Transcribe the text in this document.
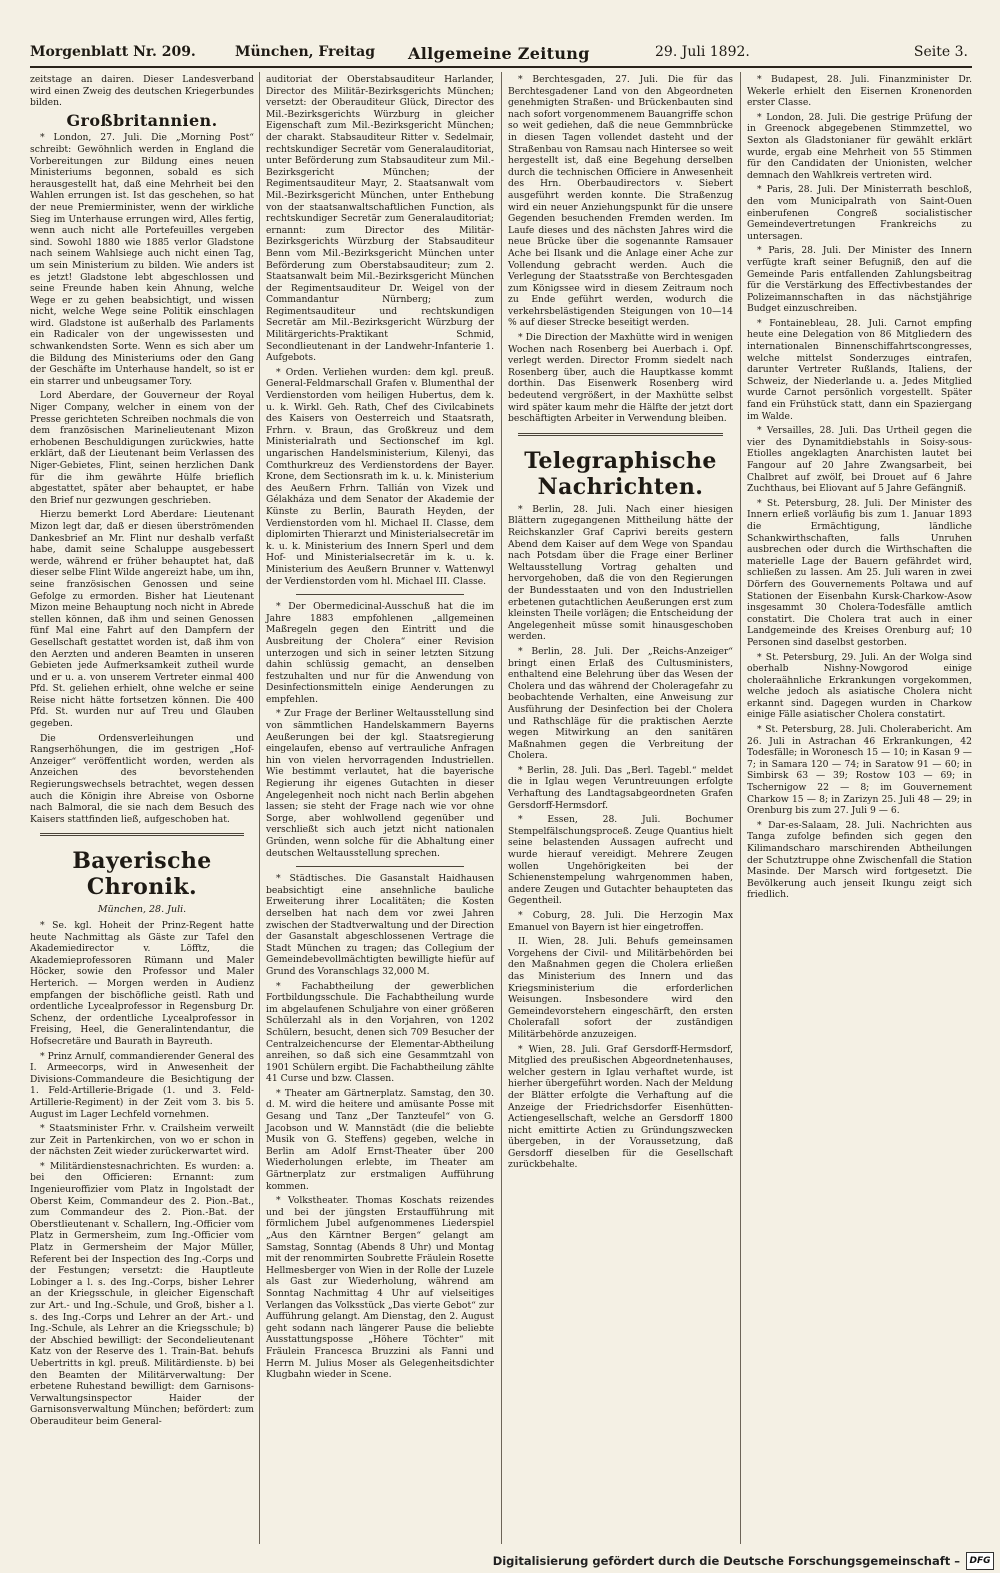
Morgenblatt Nr. 209.	München, Freitag Allgemeine Zeitung	29. Juli 1892.	Seite 3.

zeitstage an dairen. Dieser Landesverband wird einen Zweig des deutschen Kriegerbundes bilden.

Großbritannien.

* London, 27. Juli. Die „Morning Post“ schreibt: Gewöhnlich werden in England die Vorbereitungen zur Bildung eines neuen Ministeriums begonnen, sobald es sich herausgestellt hat, daß eine Mehrheit bei den Wahlen errungen ist. Ist das geschehen, so hat der neue Premierminister, wenn der wirkliche Sieg im Unterhause errungen wird, Alles fertig, wenn auch nicht alle Portefeuilles vergeben sind. Sowohl 1880 wie 1885 verlor Gladstone nach seinem Wahlsiege auch nicht einen Tag, um sein Ministerium zu bilden. Wie anders ist es jetzt! Gladstone lebt abgeschlossen und seine Freunde haben kein Ahnung, welche Wege er zu gehen beabsichtigt, und wissen nicht, welche Wege seine Politik einschlagen wird. Gladstone ist außerhalb des Parlaments ein Radicaler von der ungewissesten und schwankendsten Sorte. Wenn es sich aber um die Bildung des Ministeriums oder den Gang der Geschäfte im Unterhause handelt, so ist er ein starrer und unbeugsamer Tory.

Lord Aberdare, der Gouverneur der Royal Niger Company, welcher in einem von der Presse gerichteten Schreiben nochmals die von dem französischen Marinelieutenant Mizon erhobenen Beschuldigungen zurückwies, hatte erklärt, daß der Lieutenant beim Verlassen des Niger-Gebietes, Flint, seinen herzlichen Dank für die ihm gewährte Hülfe brieflich abgestattet, später aber behauptet, er habe den Brief nur gezwungen geschrieben.

Hierzu bemerkt Lord Aberdare: Lieutenant Mizon legt dar, daß er diesen überströmenden Dankesbrief an Mr. Flint nur deshalb verfaßt habe, damit seine Schaluppe ausgebessert werde, während er früher behauptet hat, daß dieser selbe Flint Wilde angereizt habe, um ihn, seine französischen Genossen und seine Gefolge zu ermorden. Bisher hat Lieutenant Mizon meine Behauptung noch nicht in Abrede stellen können, daß ihm und seinen Genossen fünf Mal eine Fahrt auf den Dampfern der Gesellschaft gestattet worden ist, daß ihm von den Aerzten und anderen Beamten in unseren Gebieten jede Aufmerksamkeit zutheil wurde und er u. a. von unserem Vertreter einmal 400 Pfd. St. geliehen erhielt, ohne welche er seine Reise nicht hätte fortsetzen können. Die 400 Pfd. St. wurden nur auf Treu und Glauben gegeben.

Die Ordensverleihungen und Rangserhöhungen, die im gestrigen „Hof-Anzeiger“ veröffentlicht worden, werden als Anzeichen des bevorstehenden Regierungswechsels betrachtet, wegen dessen auch die Königin ihre Abreise von Osborne nach Balmoral, die sie nach dem Besuch des Kaisers stattfinden ließ, aufgeschoben hat.

Bayerische Chronik.
München, 28. Juli.

* Se. kgl. Hoheit der Prinz-Regent hatte heute Nachmittag als Gäste zur Tafel den Akademiedirector v. Löfftz, die Akademieprofessoren Rümann und Maler Höcker, sowie den Professor und Maler Herterich. — Morgen werden in Audienz empfangen der bischöfliche geistl. Rath und ordentliche Lycealprofessor in Regensburg Dr. Schenz, der ordentliche Lycealprofessor in Freising, Heel, die Generalintendantur, die Hofsecretäre und Baurath in Bayreuth.

* Prinz Arnulf, commandierender General des I. Armeecorps, wird in Anwesenheit der Divisions-Commandeure die Besichtigung der 1. Feld-Artillerie-Brigade (1. und 3. Feld-Artillerie-Regiment) in der Zeit vom 3. bis 5. August im Lager Lechfeld vornehmen.

* Staatsminister Frhr. v. Crailsheim verweilt zur Zeit in Partenkirchen, von wo er schon in der nächsten Zeit wieder zurückerwartet wird.

* Militärdienstesnachrichten. Es wurden: a. bei den Officieren: Ernannt: zum Ingenieuroffizier vom Platz in Ingolstadt der Oberst Keim, Commandeur des 2. Pion.-Bat., zum Commandeur des 2. Pion.-Bat. der Oberstlieutenant v. Schallern, Ing.-Officier vom Platz in Germersheim, zum Ing.-Officier vom Platz in Germersheim der Major Müller, Referent bei der Inspection des Ing.-Corps und der Festungen; versetzt: die Hauptleute Lobinger a l. s. des Ing.-Corps, bisher Lehrer an der Kriegsschule, in gleicher Eigenschaft zur Art.- und Ing.-Schule, und Groß, bisher a l. s. des Ing.-Corps und Lehrer an der Art.- und Ing.-Schule, als Lehrer an die Kriegsschule; b) der Abschied bewilligt: der Secondelieutenant Katz von der Reserve des 1. Train-Bat. behufs Uebertritts in kgl. preuß. Militärdienste. b) bei den Beamten der Militärverwaltung: Der erbetene Ruhestand bewilligt: dem Garnisons-Verwaltungsinspector Haider der Garnisonsverwaltung München; befördert: zum Oberauditeur beim General-

auditoriat der Oberstabsauditeur Harlander, Director des Militär-Bezirksgerichts München; versetzt: der Oberauditeur Glück, Director des Mil.-Bezirksgerichts Würzburg in gleicher Eigenschaft zum Mil.-Bezirksgericht München; der charakt. Stabsauditeur Ritter v. Sedelmair, rechtskundiger Secretär vom Generalauditoriat, unter Beförderung zum Stabsauditeur zum Mil.-Bezirksgericht München; der Regimentsauditeur Mayr, 2. Staatsanwalt vom Mil.-Bezirksgericht München, unter Enthebung von der staatsanwaltschaftlichen Function, als rechtskundiger Secretär zum Generalauditoriat; ernannt: zum Director des Militär-Bezirksgerichts Würzburg der Stabsauditeur Benn vom Mil.-Bezirksgericht München unter Beförderung zum Oberstabsauditeur; zum 2. Staatsanwalt beim Mil.-Bezirksgericht München der Regimentsauditeur Dr. Weigel von der Commandantur Nürnberg; zum Regimentsauditeur und rechtskundigen Secretär am Mil.-Bezirksgericht Würzburg der Militärgerichts-Praktikant Schmid, Secondlieutenant in der Landwehr-Infanterie 1. Aufgebots.

* Orden. Verliehen wurden: dem kgl. preuß. General-Feldmarschall Grafen v. Blumenthal der Verdienstorden vom heiligen Hubertus, dem k. u. k. Wirkl. Geh. Rath, Chef des Civilcabinets des Kaisers von Oesterreich und Staatsrath, Frhrn. v. Braun, das Großkreuz und dem Ministerialrath und Sectionschef im kgl. ungarischen Handelsministerium, Kilenyi, das Comthurkreuz des Verdienstordens der Bayer. Krone, dem Sectionsrath im k. u. k. Ministerium des Aeußern Frhrn. Tallián von Vizek und Gélakháza und dem Senator der Akademie der Künste zu Berlin, Baurath Heyden, der Verdienstorden vom hl. Michael II. Classe, dem diplomirten Thierarzt und Ministerialsecretär im k. u. k. Ministerium des Innern Sperl und dem Hof- und Ministerialsecretär im k. u. k. Ministerium des Aeußern Brunner v. Wattenwyl der Verdienstorden vom hl. Michael III. Classe.

* Der Obermedicinal-Ausschuß hat die im Jahre 1883 empfohlenen „allgemeinen Maßregeln gegen den Eintritt und die Ausbreitung der Cholera“ einer Revision unterzogen und sich in seiner letzten Sitzung dahin schlüssig gemacht, an denselben festzuhalten und nur für die Anwendung von Desinfectionsmitteln einige Aenderungen zu empfehlen.

* Zur Frage der Berliner Weltausstellung sind von sämmtlichen Handelskammern Bayerns Aeußerungen bei der kgl. Staatsregierung eingelaufen, ebenso auf vertrauliche Anfragen hin von vielen hervorragenden Industriellen. Wie bestimmt verlautet, hat die bayerische Regierung ihr eigenes Gutachten in dieser Angelegenheit noch nicht nach Berlin abgehen lassen; sie steht der Frage nach wie vor ohne Sorge, aber wohlwollend gegenüber und verschließt sich auch jetzt nicht nationalen Gründen, wenn solche für die Abhaltung einer deutschen Weltausstellung sprechen.

* Städtisches. Die Gasanstalt Haidhausen beabsichtigt eine ansehnliche bauliche Erweiterung ihrer Localitäten; die Kosten derselben hat nach dem vor zwei Jahren zwischen der Stadtverwaltung und der Direction der Gasanstalt abgeschlossenen Vertrage die Stadt München zu tragen; das Collegium der Gemeindebevollmächtigten bewilligte hiefür auf Grund des Voranschlags 32,000 M.

* Fachabtheilung der gewerblichen Fortbildungsschule. Die Fachabtheilung wurde im abgelaufenen Schuljahre von einer größeren Schülerzahl als in den Vorjahren, von 1202 Schülern, besucht, denen sich 709 Besucher der Centralzeichencurse der Elementar-Abtheilung anreihen, so daß sich eine Gesammtzahl von 1901 Schülern ergibt. Die Fachabtheilung zählte 41 Curse und bzw. Classen.

* Theater am Gärtnerplatz. Samstag, den 30. d. M. wird die heitere und amüsante Posse mit Gesang und Tanz „Der Tanzteufel“ von G. Jacobson und W. Mannstädt (die die beliebte Musik von G. Steffens) gegeben, welche in Berlin am Adolf Ernst-Theater über 200 Wiederholungen erlebte, im Theater am Gärtnerplatz zur erstmaligen Aufführung kommen.

* Volkstheater. Thomas Koschats reizendes und bei der jüngsten Erstaufführung mit förmlichem Jubel aufgenommenes Liederspiel „Aus den Kärntner Bergen“ gelangt am Samstag, Sonntag (Abends 8 Uhr) und Montag mit der renommirten Soubrette Fräulein Rosette Hellmesberger von Wien in der Rolle der Luzele als Gast zur Wiederholung, während am Sonntag Nachmittag 4 Uhr auf vielseitiges Verlangen das Volksstück „Das vierte Gebot“ zur Aufführung gelangt. Am Dienstag, den 2. August geht sodann nach längerer Pause die beliebte Ausstattungsposse „Höhere Töchter“ mit Fräulein Francesca Bruzzini als Fanni und Herrn M. Julius Moser als Gelegenheitsdichter Klugbahn wieder in Scene.

* Berchtesgaden, 27. Juli. Die für das Berchtesgadener Land von den Abgeordneten genehmigten Straßen- und Brückenbauten sind nach sofort vorgenommenem Bauangriffe schon so weit gediehen, daß die neue Gemmnbrücke in diesen Tagen vollendet dasteht und der Straßenbau von Ramsau nach Hintersee so weit hergestellt ist, daß eine Begehung derselben durch die technischen Officiere in Anwesenheit des Hrn. Oberbaudirectors v. Siebert ausgeführt werden konnte. Die Straßenzug wird ein neuer Anziehungspunkt für die unsere Gegenden besuchenden Fremden werden. Im Laufe dieses und des nächsten Jahres wird die neue Brücke über die sogenannte Ramsauer Ache bei Ilsank und die Anlage einer Ache zur Vollendung gebracht werden. Auch die Verlegung der Staatsstraße von Berchtesgaden zum Königssee wird in diesem Zeitraum noch zu Ende geführt werden, wodurch die verkehrsbelästigenden Steigungen von 10—14 % auf dieser Strecke beseitigt werden.

* Die Direction der Maxhütte wird in wenigen Wochen nach Rosenberg bei Auerbach i. Opf. verlegt werden. Director Fromm siedelt nach Rosenberg über, auch die Hauptkasse kommt dorthin. Das Eisenwerk Rosenberg wird bedeutend vergrößert, in der Maxhütte selbst wird später kaum mehr die Hälfte der jetzt dort beschäftigten Arbeiter in Verwendung bleiben.

Telegraphische Nachrichten.

* Berlin, 28. Juli. Nach einer hiesigen Blättern zugegangenen Mittheilung hätte der Reichskanzler Graf Caprivi bereits gestern Abend dem Kaiser auf dem Wege von Spandau nach Potsdam über die Frage einer Berliner Weltausstellung Vortrag gehalten und hervorgehoben, daß die von den Regierungen der Bundesstaaten und von den Industriellen erbetenen gutachtlichen Aeußerungen erst zum kleinsten Theile vorlägen; die Entscheidung der Angelegenheit müsse somit hinausgeschoben werden.

* Berlin, 28. Juli. Der „Reichs-Anzeiger“ bringt einen Erlaß des Cultusministers, enthaltend eine Belehrung über das Wesen der Cholera und das während der Choleragefahr zu beobachtende Verhalten, eine Anweisung zur Ausführung der Desinfection bei der Cholera und Rathschläge für die praktischen Aerzte wegen Mitwirkung an den sanitären Maßnahmen gegen die Verbreitung der Cholera.

* Berlin, 28. Juli. Das „Berl. Tagebl.“ meldet die in Iglau wegen Veruntreuungen erfolgte Verhaftung des Landtagsabgeordneten Grafen Gersdorff-Hermsdorf.

* Essen, 28. Juli. Bochumer Stempelfälschungsproceß. Zeuge Quantius hielt seine belastenden Aussagen aufrecht und wurde hierauf vereidigt. Mehrere Zeugen wollen Ungehörigkeiten bei der Schienenstempelung wahrgenommen haben, andere Zeugen und Gutachter behaupteten das Gegentheil.

* Coburg, 28. Juli. Die Herzogin Max Emanuel von Bayern ist hier eingetroffen.

II. Wien, 28. Juli. Behufs gemeinsamen Vorgehens der Civil- und Militärbehörden bei den Maßnahmen gegen die Cholera erließen das Ministerium des Innern und das Kriegsministerium die erforderlichen Weisungen. Insbesondere wird den Gemeindevorstehern eingeschärft, den ersten Cholerafall sofort der zuständigen Militärbehörde anzuzeigen.

* Wien, 28. Juli. Graf Gersdorff-Hermsdorf, Mitglied des preußischen Abgeordnetenhauses, welcher gestern in Iglau verhaftet wurde, ist hierher übergeführt worden. Nach der Meldung der Blätter erfolgte die Verhaftung auf die Anzeige der Friedrichsdorfer Eisenhütten-Actiengesellschaft, welche an Gersdorff 1800 nicht emittirte Actien zu Gründungszwecken übergeben, in der Voraussetzung, daß Gersdorff dieselben für die Gesellschaft zurückbehalte.

* Budapest, 28. Juli. Finanzminister Dr. Wekerle erhielt den Eisernen Kronenorden erster Classe.

* London, 28. Juli. Die gestrige Prüfung der in Greenock abgegebenen Stimmzettel, wo Sexton als Gladstonianer für gewählt erklärt wurde, ergab eine Mehrheit von 55 Stimmen für den Candidaten der Unionisten, welcher demnach den Wahlkreis vertreten wird.

* Paris, 28. Juli. Der Ministerrath beschloß, den vom Municipalrath von Saint-Ouen einberufenen Congreß socialistischer Gemeindevertretungen Frankreichs zu untersagen.

* Paris, 28. Juli. Der Minister des Innern verfügte kraft seiner Befugniß, den auf die Gemeinde Paris entfallenden Zahlungsbeitrag für die Verstärkung des Effectivbestandes der Polizeimannschaften in das nächstjährige Budget einzuschreiben.

* Fontainebleau, 28. Juli. Carnot empfing heute eine Delegation von 86 Mitgliedern des internationalen Binnenschiffahrtscongresses, welche mittelst Sonderzuges eintrafen, darunter Vertreter Rußlands, Italiens, der Schweiz, der Niederlande u. a. Jedes Mitglied wurde Carnot persönlich vorgestellt. Später fand ein Frühstück statt, dann ein Spaziergang im Walde.

* Versailles, 28. Juli. Das Urtheil gegen die vier des Dynamitdiebstahls in Soisy-sous-Etiolles angeklagten Anarchisten lautet bei Fangour auf 20 Jahre Zwangsarbeit, bei Chalbret auf zwölf, bei Drouet auf 6 Jahre Zuchthaus, bei Eliovant auf 5 Jahre Gefängniß.

* St. Petersburg, 28. Juli. Der Minister des Innern erließ vorläufig bis zum 1. Januar 1893 die Ermächtigung, ländliche Schankwirthschaften, falls Unruhen ausbrechen oder durch die Wirthschaften die materielle Lage der Bauern gefährdet wird, schließen zu lassen. Am 25. Juli waren in zwei Dörfern des Gouvernements Poltawa und auf Stationen der Eisenbahn Kursk-Charkow-Asow insgesammt 30 Cholera-Todesfälle amtlich constatirt. Die Cholera trat auch in einer Landgemeinde des Kreises Orenburg auf; 10 Personen sind daselbst gestorben.

* St. Petersburg, 29. Juli. An der Wolga sind oberhalb Nishny-Nowgorod einige choleraähnliche Erkrankungen vorgekommen, welche jedoch als asiatische Cholera nicht erkannt sind. Dagegen wurden in Charkow einige Fälle asiatischer Cholera constatirt.

* St. Petersburg, 28. Juli. Cholerabericht. Am 26. Juli in Astrachan 46 Erkrankungen, 42 Todesfälle; in Woronesch 15 — 10; in Kasan 9 — 7; in Samara 120 — 74; in Saratow 91 — 60; in Simbirsk 63 — 39; Rostow 103 — 69; in Tschernigow 22 — 8; im Gouvernement Charkow 15 — 8; in Zarizyn 25. Juli 48 — 29; in Orenburg bis zum 27. Juli 9 — 6.

* Dar-es-Salaam, 28. Juli. Nachrichten aus Tanga zufolge befinden sich gegen den Kilimandscharo marschirenden Abtheilungen der Schutztruppe ohne Zwischenfall die Station Masinde. Der Marsch wird fortgesetzt. Die Bevölkerung auch jenseit Ikungu zeigt sich friedlich.

Digitalisierung gefördert durch die Deutsche Forschungsgemeinschaft –	DFG
